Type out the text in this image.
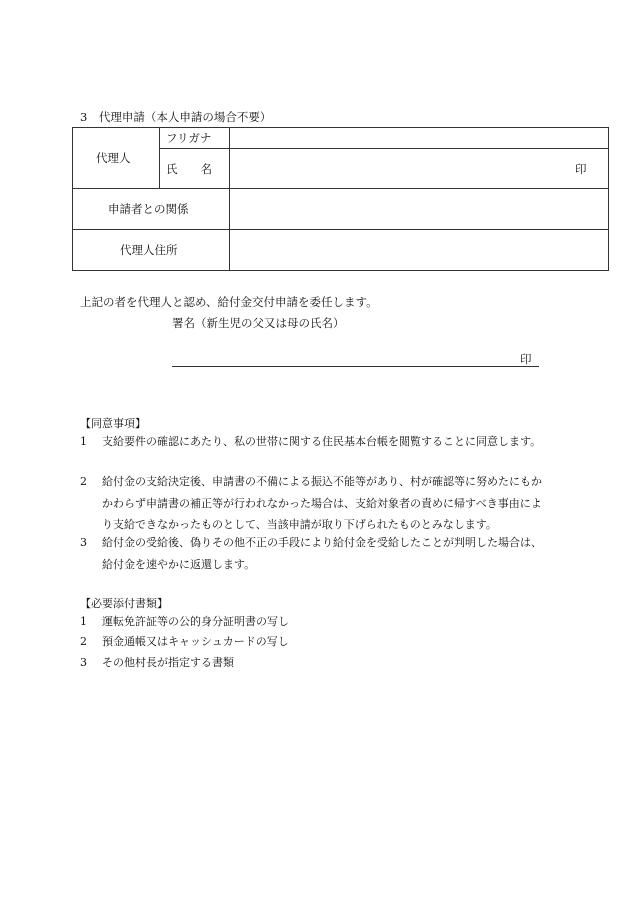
3　代理申請（本人申請の場合不要）
代理人
フリガナ
氏　　名	印
申請者との関係
代理人住所
上記の者を代理人と認め、給付金交付申請を委任します。
署名（新生児の父又は母の氏名）
印
【同意事項】
1 支給要件の確認にあたり、私の世帯に関する住民基本台帳を閲覧することに同意します。
2 給付金の支給決定後、申請書の不備による振込不能等があり、村が確認等に努めたにもかかわらず申請書の補正等が行われなかった場合は、支給対象者の責めに帰すべき事由により支給できなかったものとして、当該申請が取り下げられたものとみなします。
3 給付金の受給後、偽りその他不正の手段により給付金を受給したことが判明した場合は、給付金を速やかに返還します。
【必要添付書類】
1 運転免許証等の公的身分証明書の写し
2 預金通帳又はキャッシュカードの写し
3 その他村長が指定する書類
